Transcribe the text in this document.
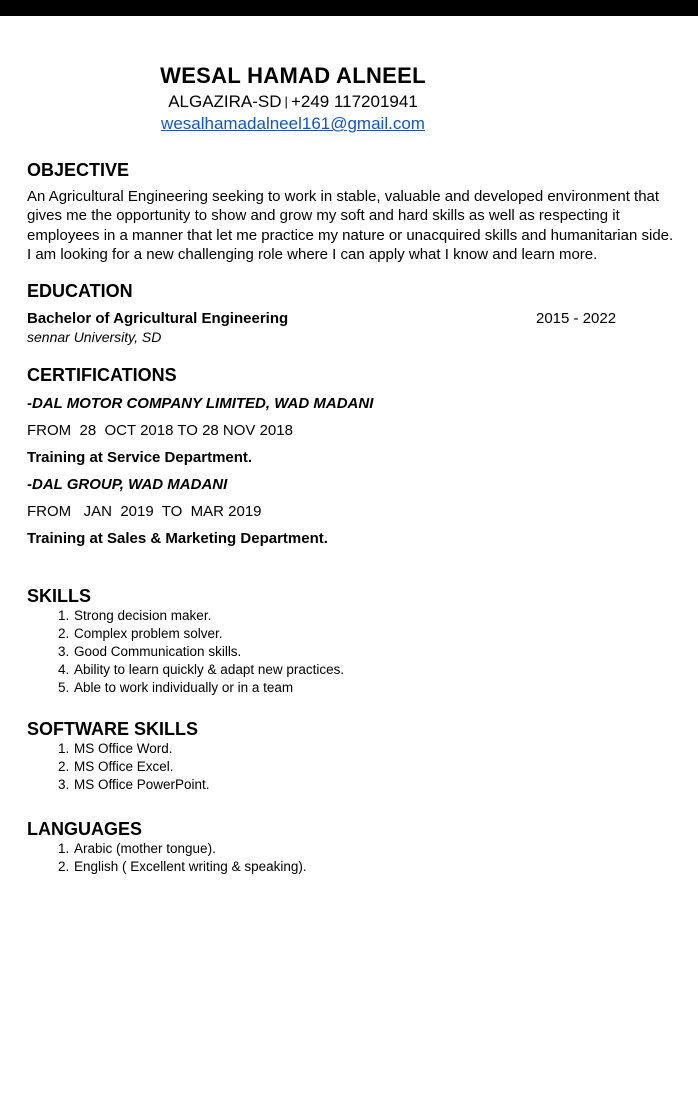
WESAL HAMAD ALNEEL
ALGAZIRA-SD | +249 117201941
wesalhamadalneel161@gmail.com
OBJECTIVE
An Agricultural Engineering seeking to work in stable, valuable and developed environment that
gives me the opportunity to show and grow my soft and hard skills as well as respecting it
employees in a manner that let me practice my nature or unacquired skills and humanitarian side.
I am looking for a new challenging role where I can apply what I know and learn more.
EDUCATION
Bachelor of Agricultural Engineering	2015 - 2022
sennar University, SD
CERTIFICATIONS
-DAL MOTOR COMPANY LIMITED, WAD MADANI
FROM  28  OCT 2018 TO 28 NOV 2018
Training at Service Department.
-DAL GROUP, WAD MADANI
FROM   JAN  2019  TO  MAR 2019
Training at Sales & Marketing Department.
SKILLS
1. Strong decision maker.
2. Complex problem solver.
3. Good Communication skills.
4. Ability to learn quickly & adapt new practices.
5. Able to work individually or in a team
SOFTWARE SKILLS
1. MS Office Word.
2. MS Office Excel.
3. MS Office PowerPoint.
LANGUAGES
1. Arabic (mother tongue).
2. English ( Excellent writing & speaking).
